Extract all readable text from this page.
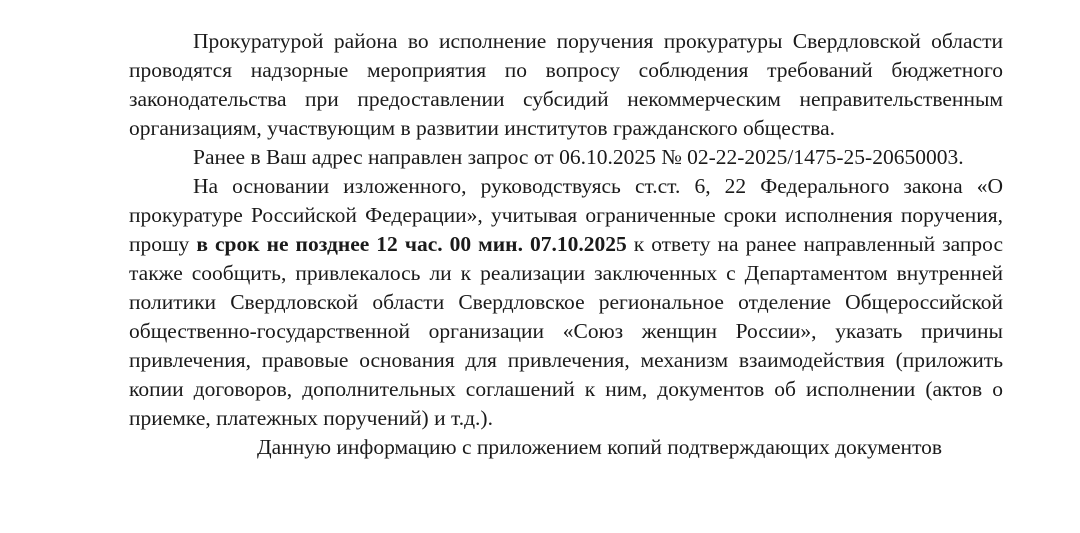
Прокуратурой района во исполнение поручения прокуратуры Свердловской области проводятся надзорные мероприятия по вопросу соблюдения требований бюджетного законодательства при предоставлении субсидий некоммерческим неправительственным организациям, участвующим в развитии институтов гражданского общества.

Ранее в Ваш адрес направлен запрос от 06.10.2025 № 02-22-2025/1475-25-20650003.

На основании изложенного, руководствуясь ст.ст. 6, 22 Федерального закона «О прокуратуре Российской Федерации», учитывая ограниченные сроки исполнения поручения, прошу в срок не позднее 12 час. 00 мин. 07.10.2025 к ответу на ранее направленный запрос также сообщить, привлекалось ли к реализации заключенных с Департаментом внутренней политики Свердловской области Свердловское региональное отделение Общероссийской общественно-государственной организации «Союз женщин России», указать причины привлечения, правовые основания для привлечения, механизм взаимодействия (приложить копии договоров, дополнительных соглашений к ним, документов об исполнении (актов о приемке, платежных поручений) и т.д.).

Данную информацию с приложением копий подтверждающих документов
